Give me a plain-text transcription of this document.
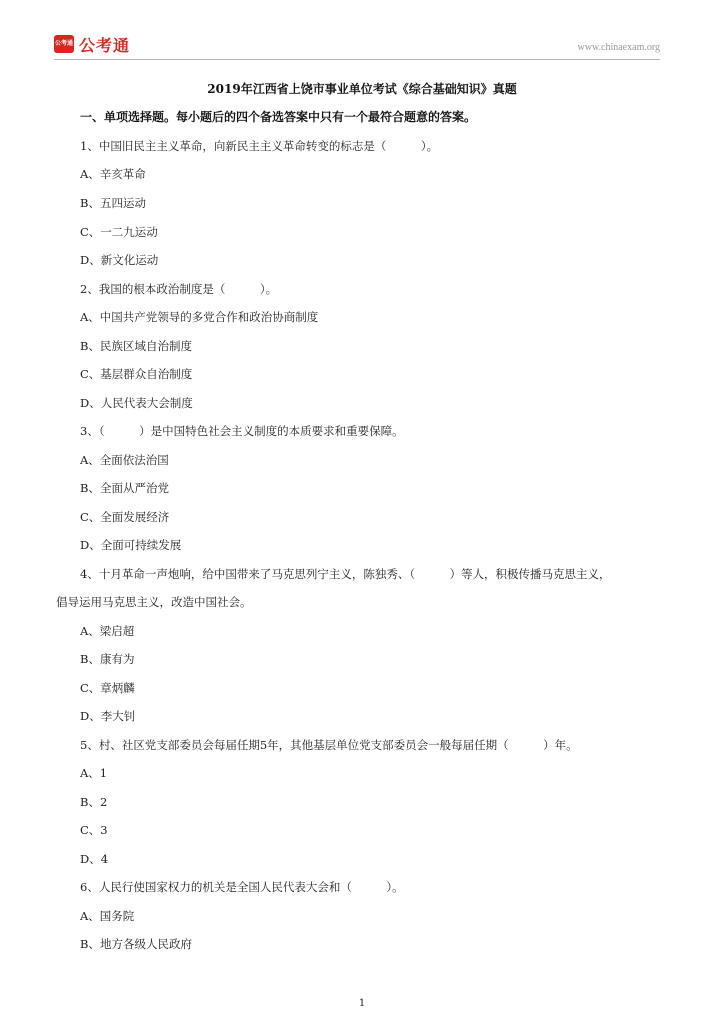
公考通 公考通	www.chinaexam.org
2019年江西省上饶市事业单位考试《综合基础知识》真题
一、单项选择题。每小题后的四个备选答案中只有一个最符合题意的答案。
1、中国旧民主主义革命，向新民主主义革命转变的标志是（　　　）。
A、辛亥革命
B、五四运动
C、一二九运动
D、新文化运动
2、我国的根本政治制度是（　　　）。
A、中国共产党领导的多党合作和政治协商制度
B、民族区域自治制度
C、基层群众自治制度
D、人民代表大会制度
3、（　　　）是中国特色社会主义制度的本质要求和重要保障。
A、全面依法治国
B、全面从严治党
C、全面发展经济
D、全面可持续发展
4、十月革命一声炮响，给中国带来了马克思列宁主义，陈独秀、（　　　）等人，积极传播马克思主义，
倡导运用马克思主义，改造中国社会。
A、梁启超
B、康有为
C、章炳麟
D、李大钊
5、村、社区党支部委员会每届任期5年，其他基层单位党支部委员会一般每届任期（　　　）年。
A、1
B、2
C、3
D、4
6、人民行使国家权力的机关是全国人民代表大会和（　　　）。
A、国务院
B、地方各级人民政府
1
